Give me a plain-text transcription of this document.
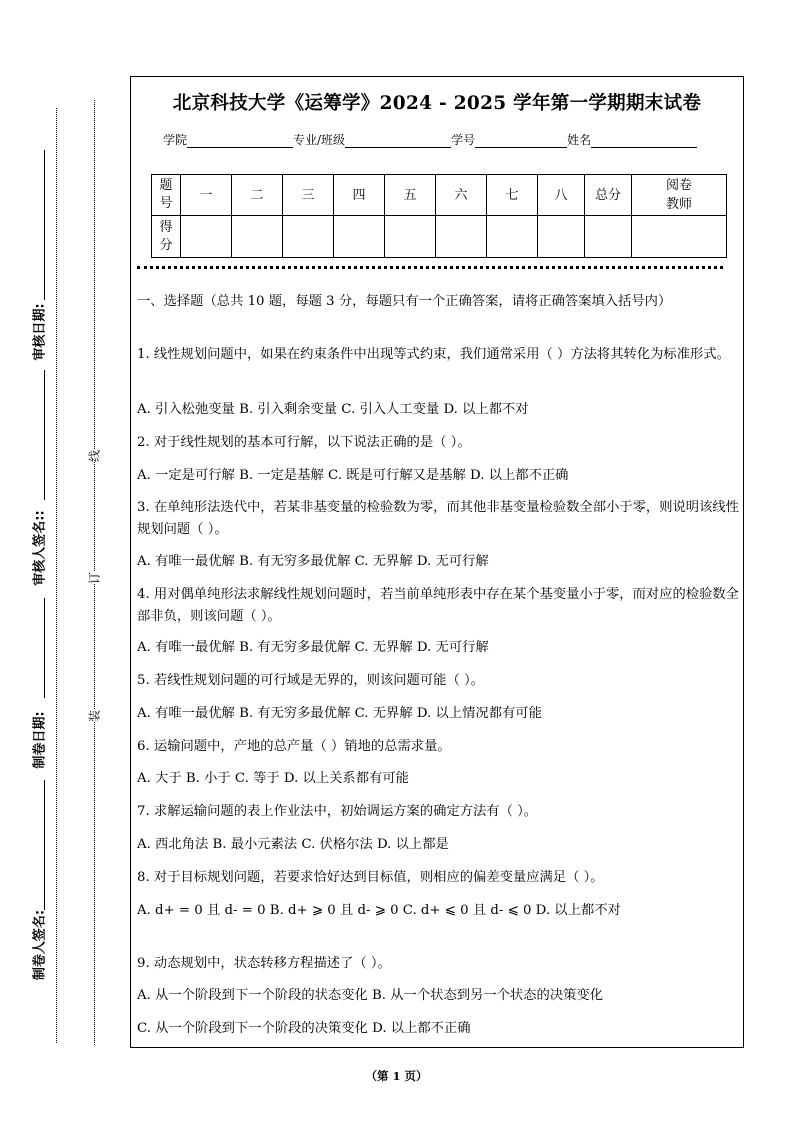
审核日期:
审核人签名::
制卷日期:
制卷人签名:
线
订
装
北京科技大学《运筹学》2024 - 2025 学年第一学期期末试卷
学院	专业/班级	学号	姓名
题号	一	二	三	四	五	六	七	八	总分	阅卷教师
得分										
一、选择题（总共 10 题，每题 3 分，每题只有一个正确答案，请将正确答案填入括号内）
1. 线性规划问题中，如果在约束条件中出现等式约束，我们通常采用（ ）方法将其转化为标准形式。
A. 引入松弛变量 B. 引入剩余变量 C. 引入人工变量 D. 以上都不对
2. 对于线性规划的基本可行解，以下说法正确的是（ ）。
A. 一定是可行解 B. 一定是基解 C. 既是可行解又是基解 D. 以上都不正确
3. 在单纯形法迭代中，若某非基变量的检验数为零，而其他非基变量检验数全部小于零，则说明该线性规划问题（ ）。
A. 有唯一最优解 B. 有无穷多最优解 C. 无界解 D. 无可行解
4. 用对偶单纯形法求解线性规划问题时，若当前单纯形表中存在某个基变量小于零，而对应的检验数全部非负，则该问题（ ）。
A. 有唯一最优解 B. 有无穷多最优解 C. 无界解 D. 无可行解
5. 若线性规划问题的可行域是无界的，则该问题可能（ ）。
A. 有唯一最优解 B. 有无穷多最优解 C. 无界解 D. 以上情况都有可能
6. 运输问题中，产地的总产量（ ）销地的总需求量。
A. 大于 B. 小于 C. 等于 D. 以上关系都有可能
7. 求解运输问题的表上作业法中，初始调运方案的确定方法有（ ）。
A. 西北角法 B. 最小元素法 C. 伏格尔法 D. 以上都是
8. 对于目标规划问题，若要求恰好达到目标值，则相应的偏差变量应满足（ ）。
A. d+ = 0 且 d- = 0 B. d+ ⩾ 0 且 d- ⩾ 0 C. d+ ⩽ 0 且 d- ⩽ 0 D. 以上都不对
9. 动态规划中，状态转移方程描述了（ ）。
A. 从一个阶段到下一个阶段的状态变化 B. 从一个状态到另一个状态的决策变化
C. 从一个阶段到下一个阶段的决策变化 D. 以上都不正确
（第 1 页）
